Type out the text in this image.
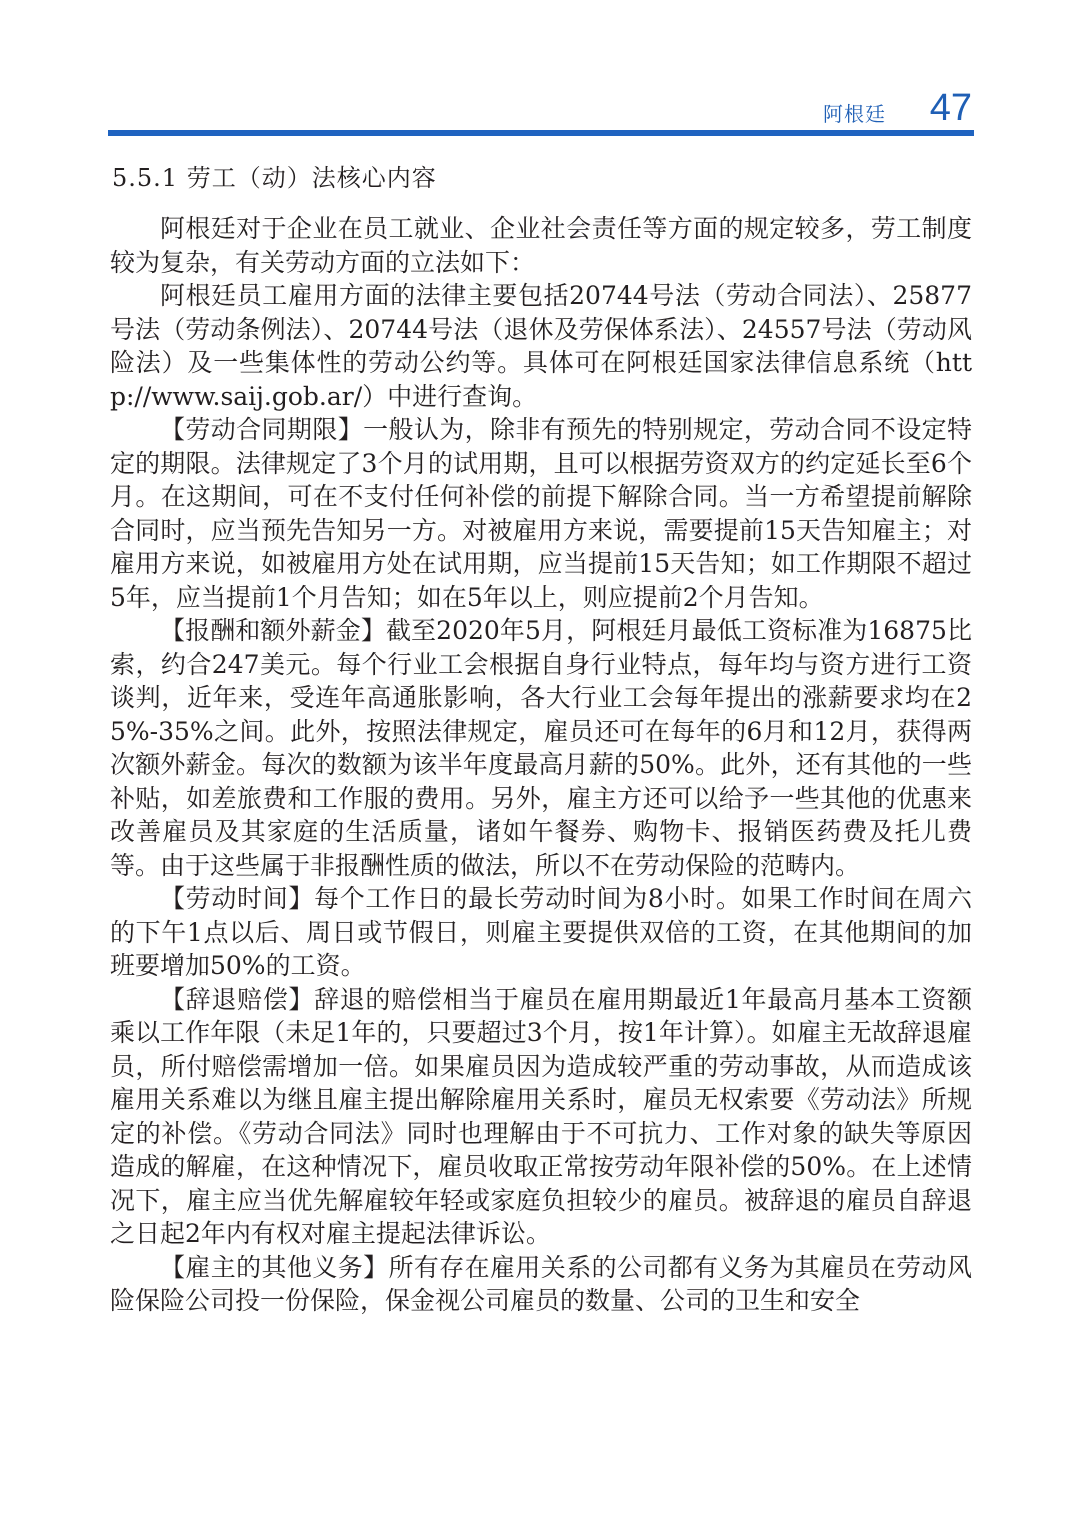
阿根廷 47
5.5.1 劳工（动）法核心内容

阿根廷对于企业在员工就业、企业社会责任等方面的规定较多，劳工制度较为复杂，有关劳动方面的立法如下：

阿根廷员工雇用方面的法律主要包括20744号法（劳动合同法）、25877号法（劳动条例法）、20744号法（退休及劳保体系法）、24557号法（劳动风险法）及一些集体性的劳动公约等。具体可在阿根廷国家法律信息系统（http://www.saij.gob.ar/）中进行查询。

【劳动合同期限】一般认为，除非有预先的特别规定，劳动合同不设定特定的期限。法律规定了3个月的试用期，且可以根据劳资双方的约定延长至6个月。在这期间，可在不支付任何补偿的前提下解除合同。当一方希望提前解除合同时，应当预先告知另一方。对被雇用方来说，需要提前15天告知雇主；对雇用方来说，如被雇用方处在试用期，应当提前15天告知；如工作期限不超过5年，应当提前1个月告知；如在5年以上，则应提前2个月告知。

【报酬和额外薪金】截至2020年5月，阿根廷月最低工资标准为16875比索，约合247美元。每个行业工会根据自身行业特点，每年均与资方进行工资谈判，近年来，受连年高通胀影响，各大行业工会每年提出的涨薪要求均在25%-35%之间。此外，按照法律规定，雇员还可在每年的6月和12月，获得两次额外薪金。每次的数额为该半年度最高月薪的50%。此外，还有其他的一些补贴，如差旅费和工作服的费用。另外，雇主方还可以给予一些其他的优惠来改善雇员及其家庭的生活质量，诸如午餐券、购物卡、报销医药费及托儿费等。由于这些属于非报酬性质的做法，所以不在劳动保险的范畴内。

【劳动时间】每个工作日的最长劳动时间为8小时。如果工作时间在周六的下午1点以后、周日或节假日，则雇主要提供双倍的工资，在其他期间的加班要增加50%的工资。

【辞退赔偿】辞退的赔偿相当于雇员在雇用期最近1年最高月基本工资额乘以工作年限（未足1年的，只要超过3个月，按1年计算）。如雇主无故辞退雇员，所付赔偿需增加一倍。如果雇员因为造成较严重的劳动事故，从而造成该雇用关系难以为继且雇主提出解除雇用关系时，雇员无权索要《劳动法》所规定的补偿。《劳动合同法》同时也理解由于不可抗力、工作对象的缺失等原因造成的解雇，在这种情况下，雇员收取正常按劳动年限补偿的50%。在上述情况下，雇主应当优先解雇较年轻或家庭负担较少的雇员。被辞退的雇员自辞退之日起2年内有权对雇主提起法律诉讼。

【雇主的其他义务】所有存在雇用关系的公司都有义务为其雇员在劳动风险保险公司投一份保险，保金视公司雇员的数量、公司的卫生和安全
